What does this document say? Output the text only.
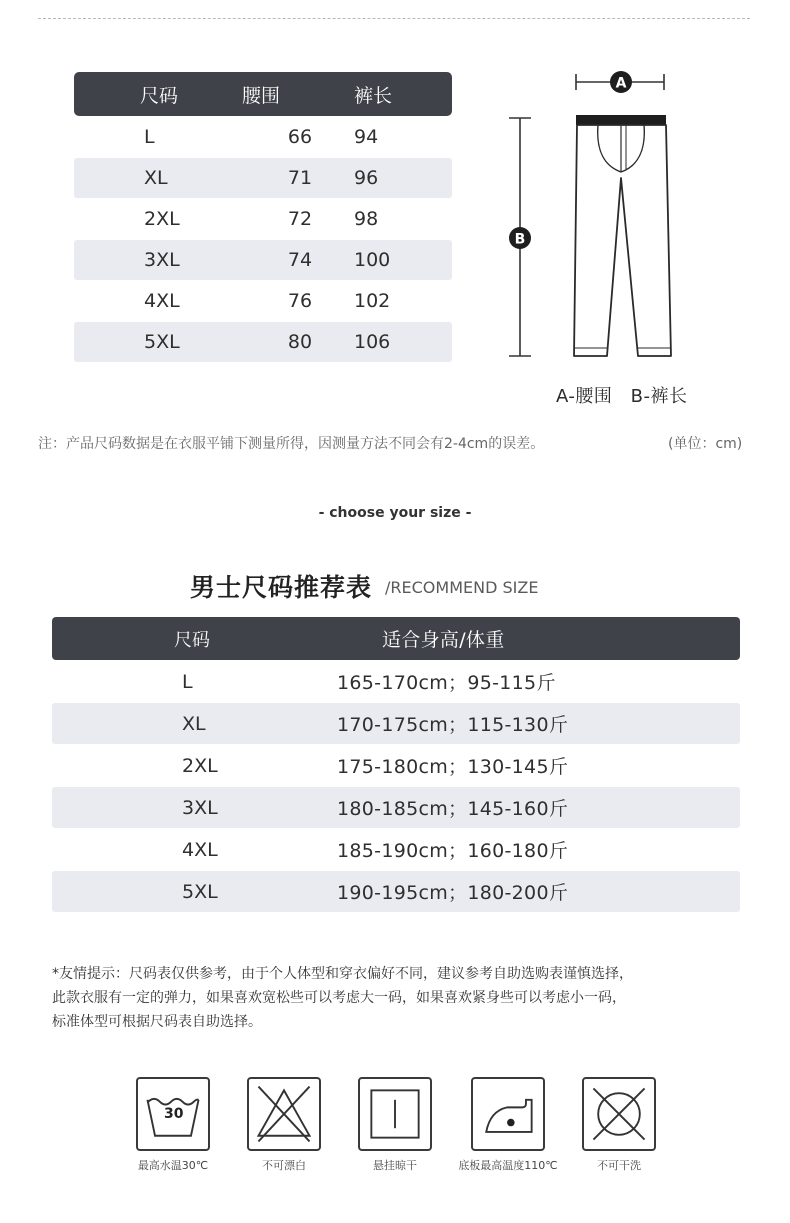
尺码	腰围	裤长
L	66	94
XL	71	96
2XL	72	98
3XL	74	100
4XL	76	102
5XL	80	106
A
B
A-腰围 B-裤长
注：产品尺码数据是在衣服平铺下测量所得，因测量方法不同会有2-4cm的误差。	(单位：cm)
- choose your size -
男士尺码推荐表 /RECOMMEND SIZE
尺码	适合身高/体重
L	165-170cm；95-115斤
XL	170-175cm；115-130斤
2XL	175-180cm；130-145斤
3XL	180-185cm；145-160斤
4XL	185-190cm；160-180斤
5XL	190-195cm；180-200斤
*友情提示：尺码表仅供参考，由于个人体型和穿衣偏好不同，建议参考自助选购表谨慎选择，
此款衣服有一定的弹力，如果喜欢宽松些可以考虑大一码，如果喜欢紧身些可以考虑小一码，
标准体型可根据尺码表自助选择。
30
最高水温30℃	不可漂白	悬挂晾干	底板最高温度110℃	不可干洗
